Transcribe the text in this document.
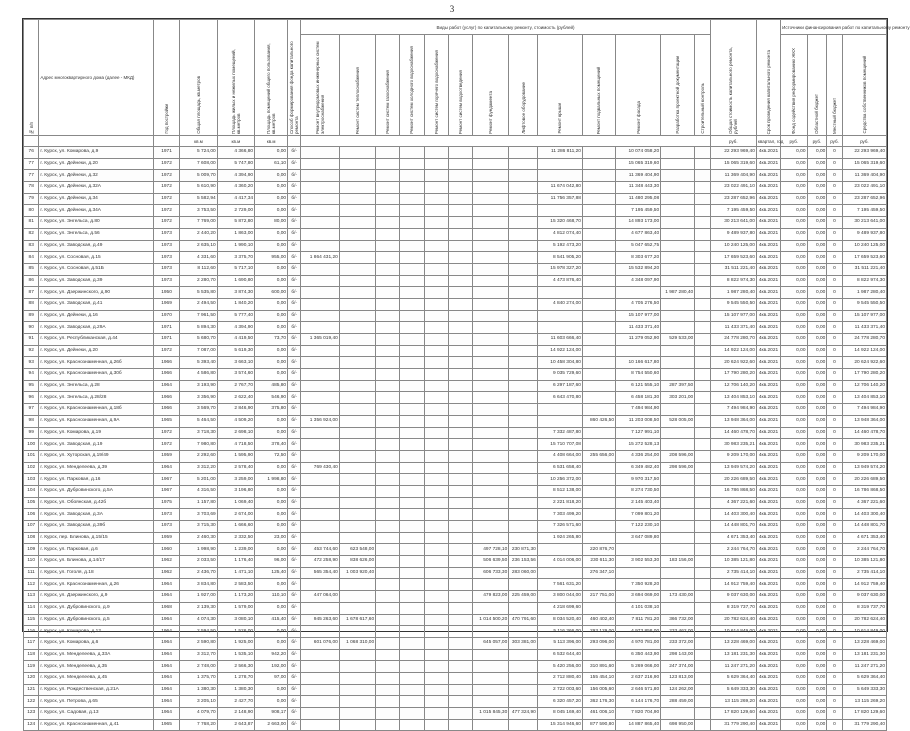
3
№ п/п	Адрес многоквартирного дома (далее - МКД)	Год постройки	Общая площадь, кв.метров	Площадь жилых и нежилых помещений, кв.метров	Площадь помещений общего пользования, кв.метров	Способ формирования фонда капитального ремонта	Виды работ (услуг) по капитальному ремонту, стоимость (рублей)													Общая стоимость капитального ремонта, рублей	Срок проведения капитального ремонта	Источники финансирования работ по капитальному ремонту			
							Ремонт внутридомовых инженерных систем электроснабжения	Ремонт систем теплоснабжения	Ремонт систем газоснабжения	Ремонт систем холодного водоснабжения	Ремонт систем горячего водоснабжения	Ремонт систем водоотведения	Ремонт фундамента	Лифтовое оборудование	Ремонт крыши	Ремонт подвальных помещений	Ремонт фасада	Разработка проектной документации	Строительный контроль			Фонд содействия реформированию ЖКХ	Областной бюджет	Местный бюджет	Средства собственников помещений
			кв.м	кв.м	кв.м															руб.	квартал, год	руб.	руб.	руб.	руб.
76	г. Курск, ул. Комарова, д.9	1971	5 724,00	4 366,80	0,00	б/-									11 286 811,20		10 074 058,20			22 293 969,40	4кв.2021	0,00	0,00	0	22 293 969,40
77	г. Курск, ул. Дейнеки, д.20	1972	7 608,00	5 747,80	61,10	б/-											15 065 319,60			15 065 319,60	4кв.2021	0,00	0,00	0	15 065 319,60
77	г. Курск, ул. Дейнеки, д.32	1972	5 009,70	4 394,90	0,00	б/-											11 369 404,90			11 369 404,90	4кв.2021	0,00	0,00	0	11 369 404,90
78	г. Курск, ул. Дейнеки, д.32А	1972	5 610,90	4 360,20	0,00	б/-									11 674 042,80		11 348 443,30			23 022 491,10	4кв.2021	0,00	0,00	0	23 022 491,10
79	г. Курск, ул. Дейнеки, д.34	1972	5 582,94	4 417,34	0,00	б/-									11 756 357,88		11 480 295,08			23 287 652,96	4кв.2021	0,00	0,00	0	23 287 652,96
80	г. Курск, ул. Дейнеки, д.34А	1972	3 753,50	2 729,00	0,00	б/-											7 195 459,50			7 195 459,50	4кв.2021	0,00	0,00	0	7 195 459,50
81	г. Курск, ул. Энгельса, д.80	1972	7 769,00	5 872,80	80,00	б/-									15 320 468,70		14 893 173,00			30 213 641,00	4кв.2021	0,00	0,00	0	30 213 641,00
82	г. Курск, ул. Энгельса, д.56	1973	2 440,20	1 863,00	0,00	б/-									4 812 074,40		4 677 863,40			9 489 937,80	4кв.2021	0,00	0,00	0	9 489 937,80
83	г. Курск, ул. Заводская, д.49	1973	2 635,10	1 990,10	0,00	б/-									5 192 473,20		5 047 652,75			10 240 125,00	4кв.2021	0,00	0,00	0	10 240 125,00
84	г. Курск, ул. Сосновая, д.15	1973	4 331,60	3 375,70	955,00	б/-	1 864 431,20								8 541 905,20		8 303 677,20			17 659 523,60	4кв.2021	0,00	0,00	0	17 659 523,60
85	г. Курск, ул. Сосновая, д.51Б	1973	8 112,60	5 717,10	0,00	б/-									15 978 327,20		15 532 894,20			31 511 221,40	4кв.2021	0,00	0,00	0	31 511 221,40
86	г. Курск, ул. Заводская, д.39	1973	2 280,70	1 690,80	0,00	б/-									4 473 876,40		4 348 097,90			8 822 974,30	4кв.2021	0,00	0,00	0	8 822 974,30
87	г. Курск, ул. Дзержинского, д.90	1950	5 535,80	3 874,30	600,00	б/-												1 987 280,40		1 987 280,40	4кв.2021	0,00	0,00	0	1 987 280,40
88	г. Курск, ул. Заводская, д.41	1969	2 494,50	1 840,20	0,00	б/-									4 840 274,00		4 705 276,50			9 545 550,50	4кв.2021	0,00	0,00	0	9 545 550,50
89	г. Курск, ул. Дейнеки, д.16	1970	7 961,50	5 777,40	0,00	б/-											15 107 977,00			15 107 977,00	4кв.2021	0,00	0,00	0	15 107 977,00
90	г. Курск, ул. Заводская, д.29А	1971	5 894,30	4 394,90	0,00	б/-											11 433 371,40			11 433 371,40	4кв.2021	0,00	0,00	0	11 433 371,40
91	г. Курск, ул. Республиканская, д.44	1971	5 680,70	4 419,50	73,70	б/-	1 365 019,40								11 603 666,40		11 279 052,90	529 533,00		24 778 280,70	4кв.2021	0,00	0,00	0	24 778 280,70
92	г. Курск, ул. Дейнеки, д.20	1972	7 087,00	5 619,30	0,00	б/-									14 922 124,00					14 922 124,00	4кв.2021	0,00	0,00	0	14 922 124,00
93	г. Курск, ул. Краснознаменная, д.26б	1966	5 393,40	3 663,10	0,00	б/-									10 458 304,80		10 166 617,80			20 624 922,60	4кв.2021	0,00	0,00	0	20 624 922,60
94	г. Курск, ул. Краснознаменная, д.30б	1966	4 586,80	3 574,60	0,00	б/-									9 035 729,60		8 754 550,60			17 790 280,20	4кв.2021	0,00	0,00	0	17 790 280,20
95	г. Курск, ул. Энгельса, д.28	1964	3 193,90	2 767,70	485,80	б/-									6 297 187,60		6 121 555,10	287 397,50		12 706 140,20	4кв.2021	0,00	0,00	0	12 706 140,20
96	г. Курск, ул. Энгельса, д.28/28	1966	3 356,90	2 622,40	546,90	б/-									6 643 470,80		6 458 181,30	303 201,00		13 404 853,10	4кв.2021	0,00	0,00	0	13 404 853,10
97	г. Курск, ул. Краснознаменная, д.18б	1966	3 569,70	2 846,90	375,80	б/-											7 494 984,90			7 494 984,90	4кв.2021	0,00	0,00	0	7 494 984,90
98	г. Курск, ул. Краснознаменная, д.9А	1965	5 464,50	4 509,20	0,00	б/-	1 356 924,00									860 426,50	11 203 008,50	528 005,00		13 948 364,00	4кв.2021	0,00	0,00	0	13 948 364,00
99	г. Курск, ул. Комарова, д.19	1972	3 718,30	2 698,10	0,00	б/-									7 332 487,80		7 127 991,10			14 460 478,70	4кв.2021	0,00	0,00	0	14 460 478,70
100	г. Курск, ул. Заводская, д.19	1972	7 980,80	4 718,50	378,40	б/-									15 710 707,08		15 272 528,13			30 983 235,21	4кв.2021	0,00	0,00	0	30 983 235,21
101	г. Курск, ул. Хуторская, д.19/49	1959	2 292,60	1 595,90	72,50	б/-									4 408 664,00	255 656,00	4 336 254,00	208 596,00		9 209 170,00	4кв.2021	0,00	0,00	0	9 209 170,00
102	г. Курск, ул. Менделеева, д.39	1964	3 312,20	2 578,40	0,00	б/-	769 430,40								6 531 658,40		6 349 482,40	298 596,00		13 949 574,20	4кв.2021	0,00	0,00	0	13 949 574,20
103	г. Курск, ул. Парковая, д.16	1967	5 201,00	3 259,00	1 998,80	б/-									10 256 372,00		9 970 317,50			20 226 689,50	4кв.2021	0,00	0,00	0	20 226 689,50
104	г. Курск, ул. Дубровинского, д.5А	1967	4 316,50	3 196,80	0,00	б/-									8 512 138,00		8 274 730,50			16 786 868,50	4кв.2021	0,00	0,00	0	16 786 868,50
105	г. Курск, ул. Обоянская, д.42б	1975	1 157,80	1 069,40	0,00	б/-									2 221 818,20		2 145 403,40			4 367 221,60	4кв.2021	0,00	0,00	0	4 367 221,60
106	г. Курск, ул. Заводская, д.3А	1973	3 703,69	2 674,00	0,00	б/-									7 303 499,20		7 099 801,20			14 403 300,40	4кв.2021	0,00	0,00	0	14 403 300,40
107	г. Курск, ул. Заводская, д.39б	1973	3 715,30	1 666,60	0,00	б/-									7 326 571,60		7 122 230,10			14 448 801,70	4кв.2021	0,00	0,00	0	14 448 801,70
108	г. Курск, пер. Блинова, д.15/15	1959	2 460,30	2 332,50	23,00	б/-									1 924 265,80		3 647 089,80			4 671 353,40	4кв.2021	0,00	0,00	0	4 671 353,40
109	г. Курск, ул. Парковая, д.6	1960	1 998,90	1 239,00	0,00	б/-	453 744,60	623 548,00					497 728,10	230 871,30		220 876,70				2 244 764,70	4кв.2021	0,00	0,00	0	2 244 764,70
110	г. Курск, ул. Блинова, д.14/17	1962	2 033,50	1 176,40	96,00	б/-	472 258,90	838 626,00					506 639,50	236 153,56	4 014 006,00	230 611,30	3 902 553,30	183 156,00		10 385 121,80	4кв.2021	0,00	0,00	0	10 385 121,80
111	г. Курск, ул. Гоголя, д.18	1962	2 436,70	1 471,10	125,40	б/-	565 354,40	1 003 920,40					606 733,30	283 060,00		276 347,10				2 735 414,10	4кв.2021	0,00	0,00	0	2 735 414,10
112	г. Курск, ул. Краснознаменная, д.26	1964	3 834,80	2 583,50	0,00	б/-									7 561 631,20		7 350 928,20			14 912 759,40	4кв.2021	0,00	0,00	0	14 912 759,40
113	г. Курск, ул. Дзержинского, д.9	1964	1 927,00	1 173,20	110,10	б/-	447 064,00						479 823,00	225 459,00	3 800 044,00	217 751,00	3 694 069,00	173 430,00		9 037 630,00	4кв.2021	0,00	0,00	0	9 037 630,00
114	г. Курск, ул. Дубровинского, д.9	1968	2 139,30	1 579,00	0,00	б/-									4 218 699,60		4 101 038,10			8 319 737,70	4кв.2021	0,00	0,00	0	8 319 737,70
115	г. Курск, ул. Дубровинского, д.5	1964	4 074,30	3 080,10	415,40	б/-	945 263,60	1 678 617,60					1 014 500,20	470 791,60	8 034 520,40	460 402,40	7 811 781,20	366 732,00		20 782 624,40	4кв.2021	0,00	0,00	0	20 782 624,40
116	г. Курск, ул. Комарова, д.12	1964	2 594,50	1 526,00	0,00	б/-									5 116 366,00	293 129,00	4 973 858,00	233 462,00		10 614 849,00	4кв.2021	0,00	0,00	0	10 614 849,00
117	г. Курск, ул. Комарова, д.6	1964	2 590,80	1 925,00	0,00	б/-	601 076,00	1 068 310,00					645 057,00	303 381,00	5 113 396,00	293 096,00	4 970 781,00	233 372,00		13 228 469,00	4кв.2021	0,00	0,00	0	13 228 469,00
118	г. Курск, ул. Менделеева, д.33А	1964	3 312,70	1 535,10	942,20	б/-									6 532 644,40		6 350 443,90	298 143,00		13 181 231,30	4кв.2021	0,00	0,00	0	13 181 231,30
119	г. Курск, ул. Менделеева, д.35	1964	2 748,00	2 566,30	192,00	б/-									5 420 256,00	310 891,60	5 269 066,00	247 374,00		11 247 271,20	4кв.2021	0,00	0,00	0	11 247 271,20
120	г. Курск, ул. Менделеева, д.45	1964	1 375,70	1 278,70	97,00	б/-									2 712 880,40	155 454,10	2 637 216,90	123 813,00		5 629 364,40	4кв.2021	0,00	0,00	0	5 629 364,40
121	г. Курск, ул. Рождественская, д.21А	1964	1 380,30	1 380,30	0,00	б/-									2 722 003,60	156 005,60	2 646 571,80	124 262,00		5 649 333,30	4кв.2021	0,00	0,00	0	5 649 333,30
122	г. Курск, ул. Петрова, д.65	1964	3 205,10	2 427,70	0,00	б/-									6 320 457,20	362 176,30	6 144 176,70	288 459,00		13 115 269,20	4кв.2021	0,00	0,00	0	13 115 269,20
123	г. Курск, ул. Садовая, д.13	1964	4 079,70	2 148,90	908,17	б/-							1 015 845,30	477 324,90	8 045 169,40	461 006,10	7 820 704,90			17 820 129,60	4кв.2021	0,00	0,00	0	17 820 129,60
124	г. Курск, ул. Краснознаменная, д.41	1965	7 768,20	2 643,87	2 663,00	б/-									15 314 946,60	877 590,80	14 887 865,40	698 950,00		31 779 290,40	4кв.2021	0,00	0,00	0	31 779 290,40
